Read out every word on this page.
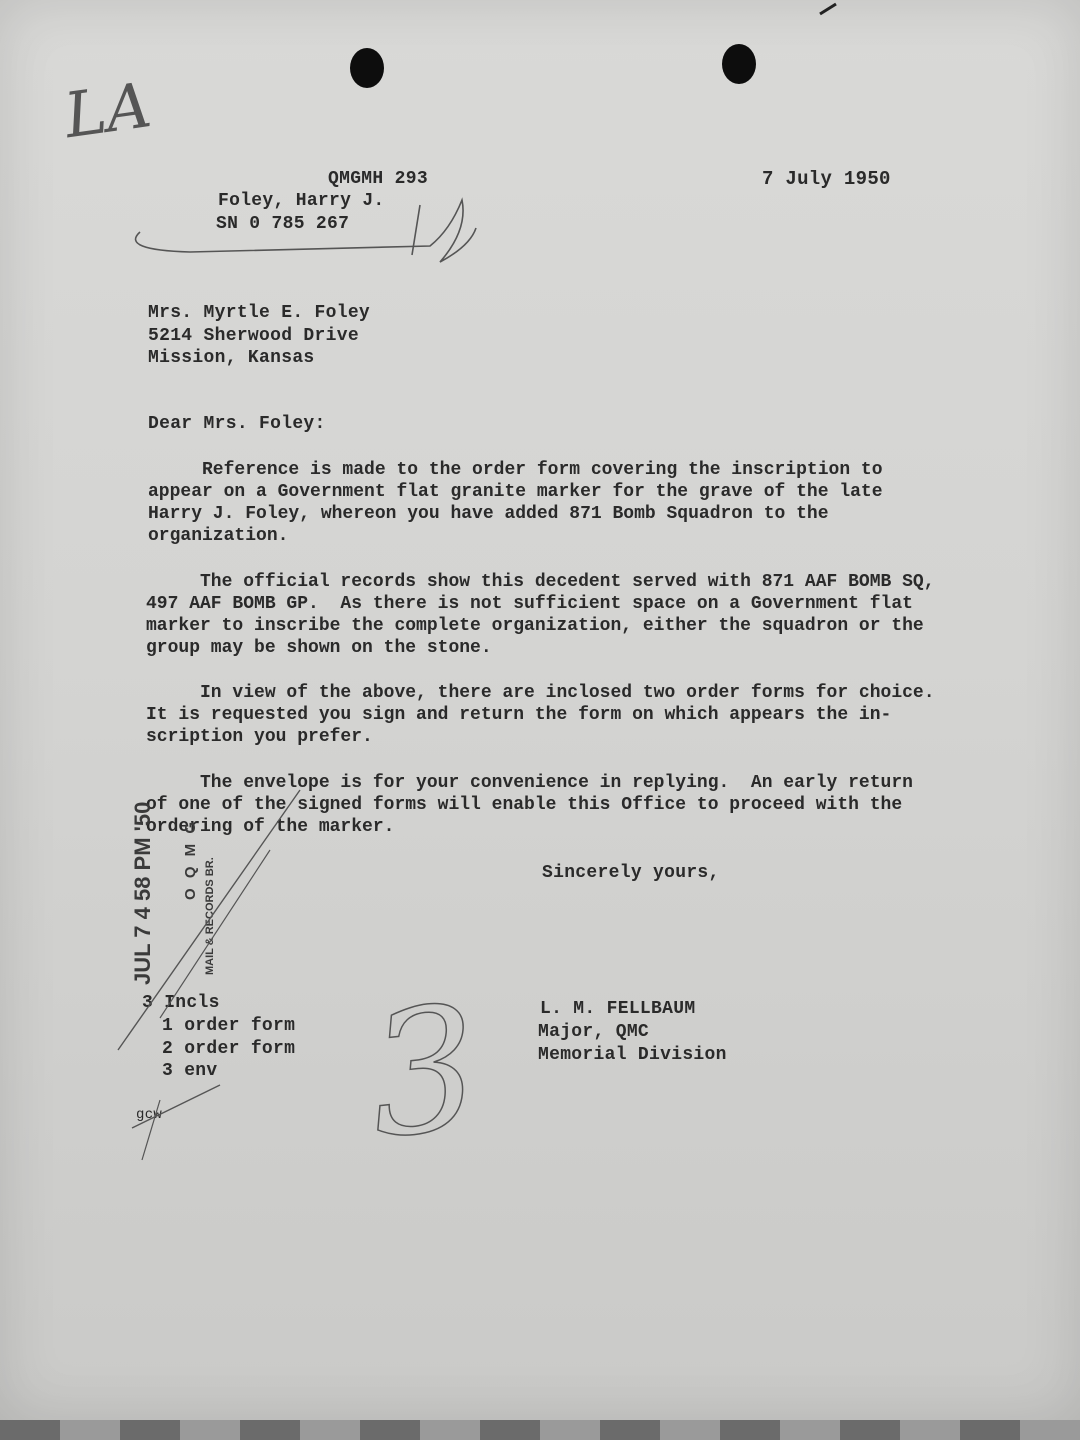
LA
QMGMH 293	7 July 1950
Foley, Harry J.
SN 0 785 267
Mrs. Myrtle E. Foley
5214 Sherwood Drive
Mission, Kansas
Dear Mrs. Foley:
Reference is made to the order form covering the inscription to
appear on a Government flat granite marker for the grave of the late
Harry J. Foley, whereon you have added 871 Bomb Squadron to the
organization.
The official records show this decedent served with 871 AAF BOMB SQ,
497 AAF BOMB GP.  As there is not sufficient space on a Government flat
marker to inscribe the complete organization, either the squadron or the
group may be shown on the stone.
In view of the above, there are inclosed two order forms for choice.
It is requested you sign and return the form on which appears the in-
scription you prefer.
The envelope is for your convenience in replying.  An early return
of one of the signed forms will enable this Office to proceed with the
ordering of the marker.
Sincerely yours,
L. M. FELLBAUM
Major, QMC
Memorial Division
3 Incls
1 order form
2 order form
3 env
gcw
JUL 7 4 58 PM '50 O Q M G MAIL & RECORDS BR.
3
